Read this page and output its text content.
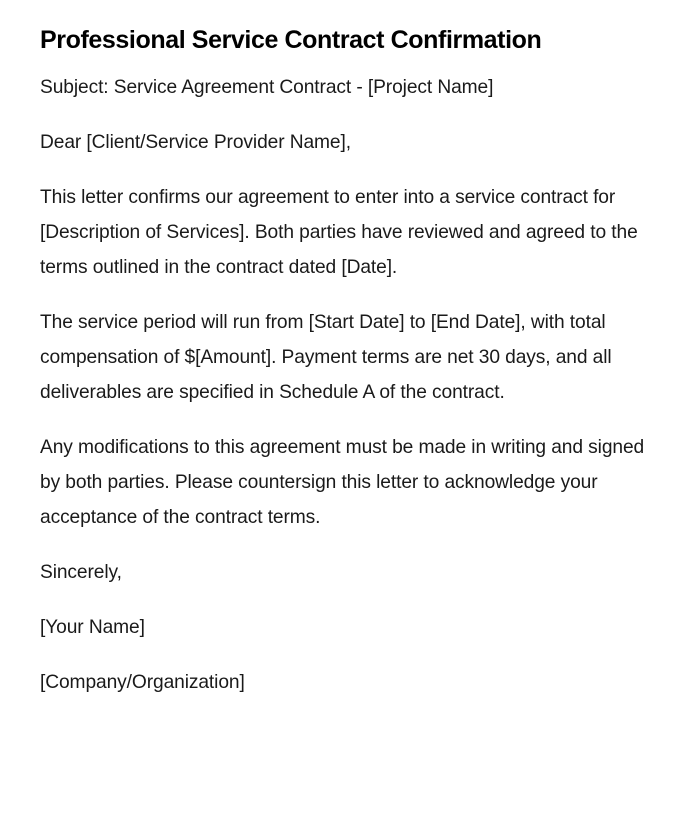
Professional Service Contract Confirmation

Subject: Service Agreement Contract - [Project Name]

Dear [Client/Service Provider Name],

This letter confirms our agreement to enter into a service contract for [Description of Services]. Both parties have reviewed and agreed to the terms outlined in the contract dated [Date].

The service period will run from [Start Date] to [End Date], with total compensation of $[Amount]. Payment terms are net 30 days, and all deliverables are specified in Schedule A of the contract.

Any modifications to this agreement must be made in writing and signed by both parties. Please countersign this letter to acknowledge your acceptance of the contract terms.

Sincerely,

[Your Name]

[Company/Organization]
